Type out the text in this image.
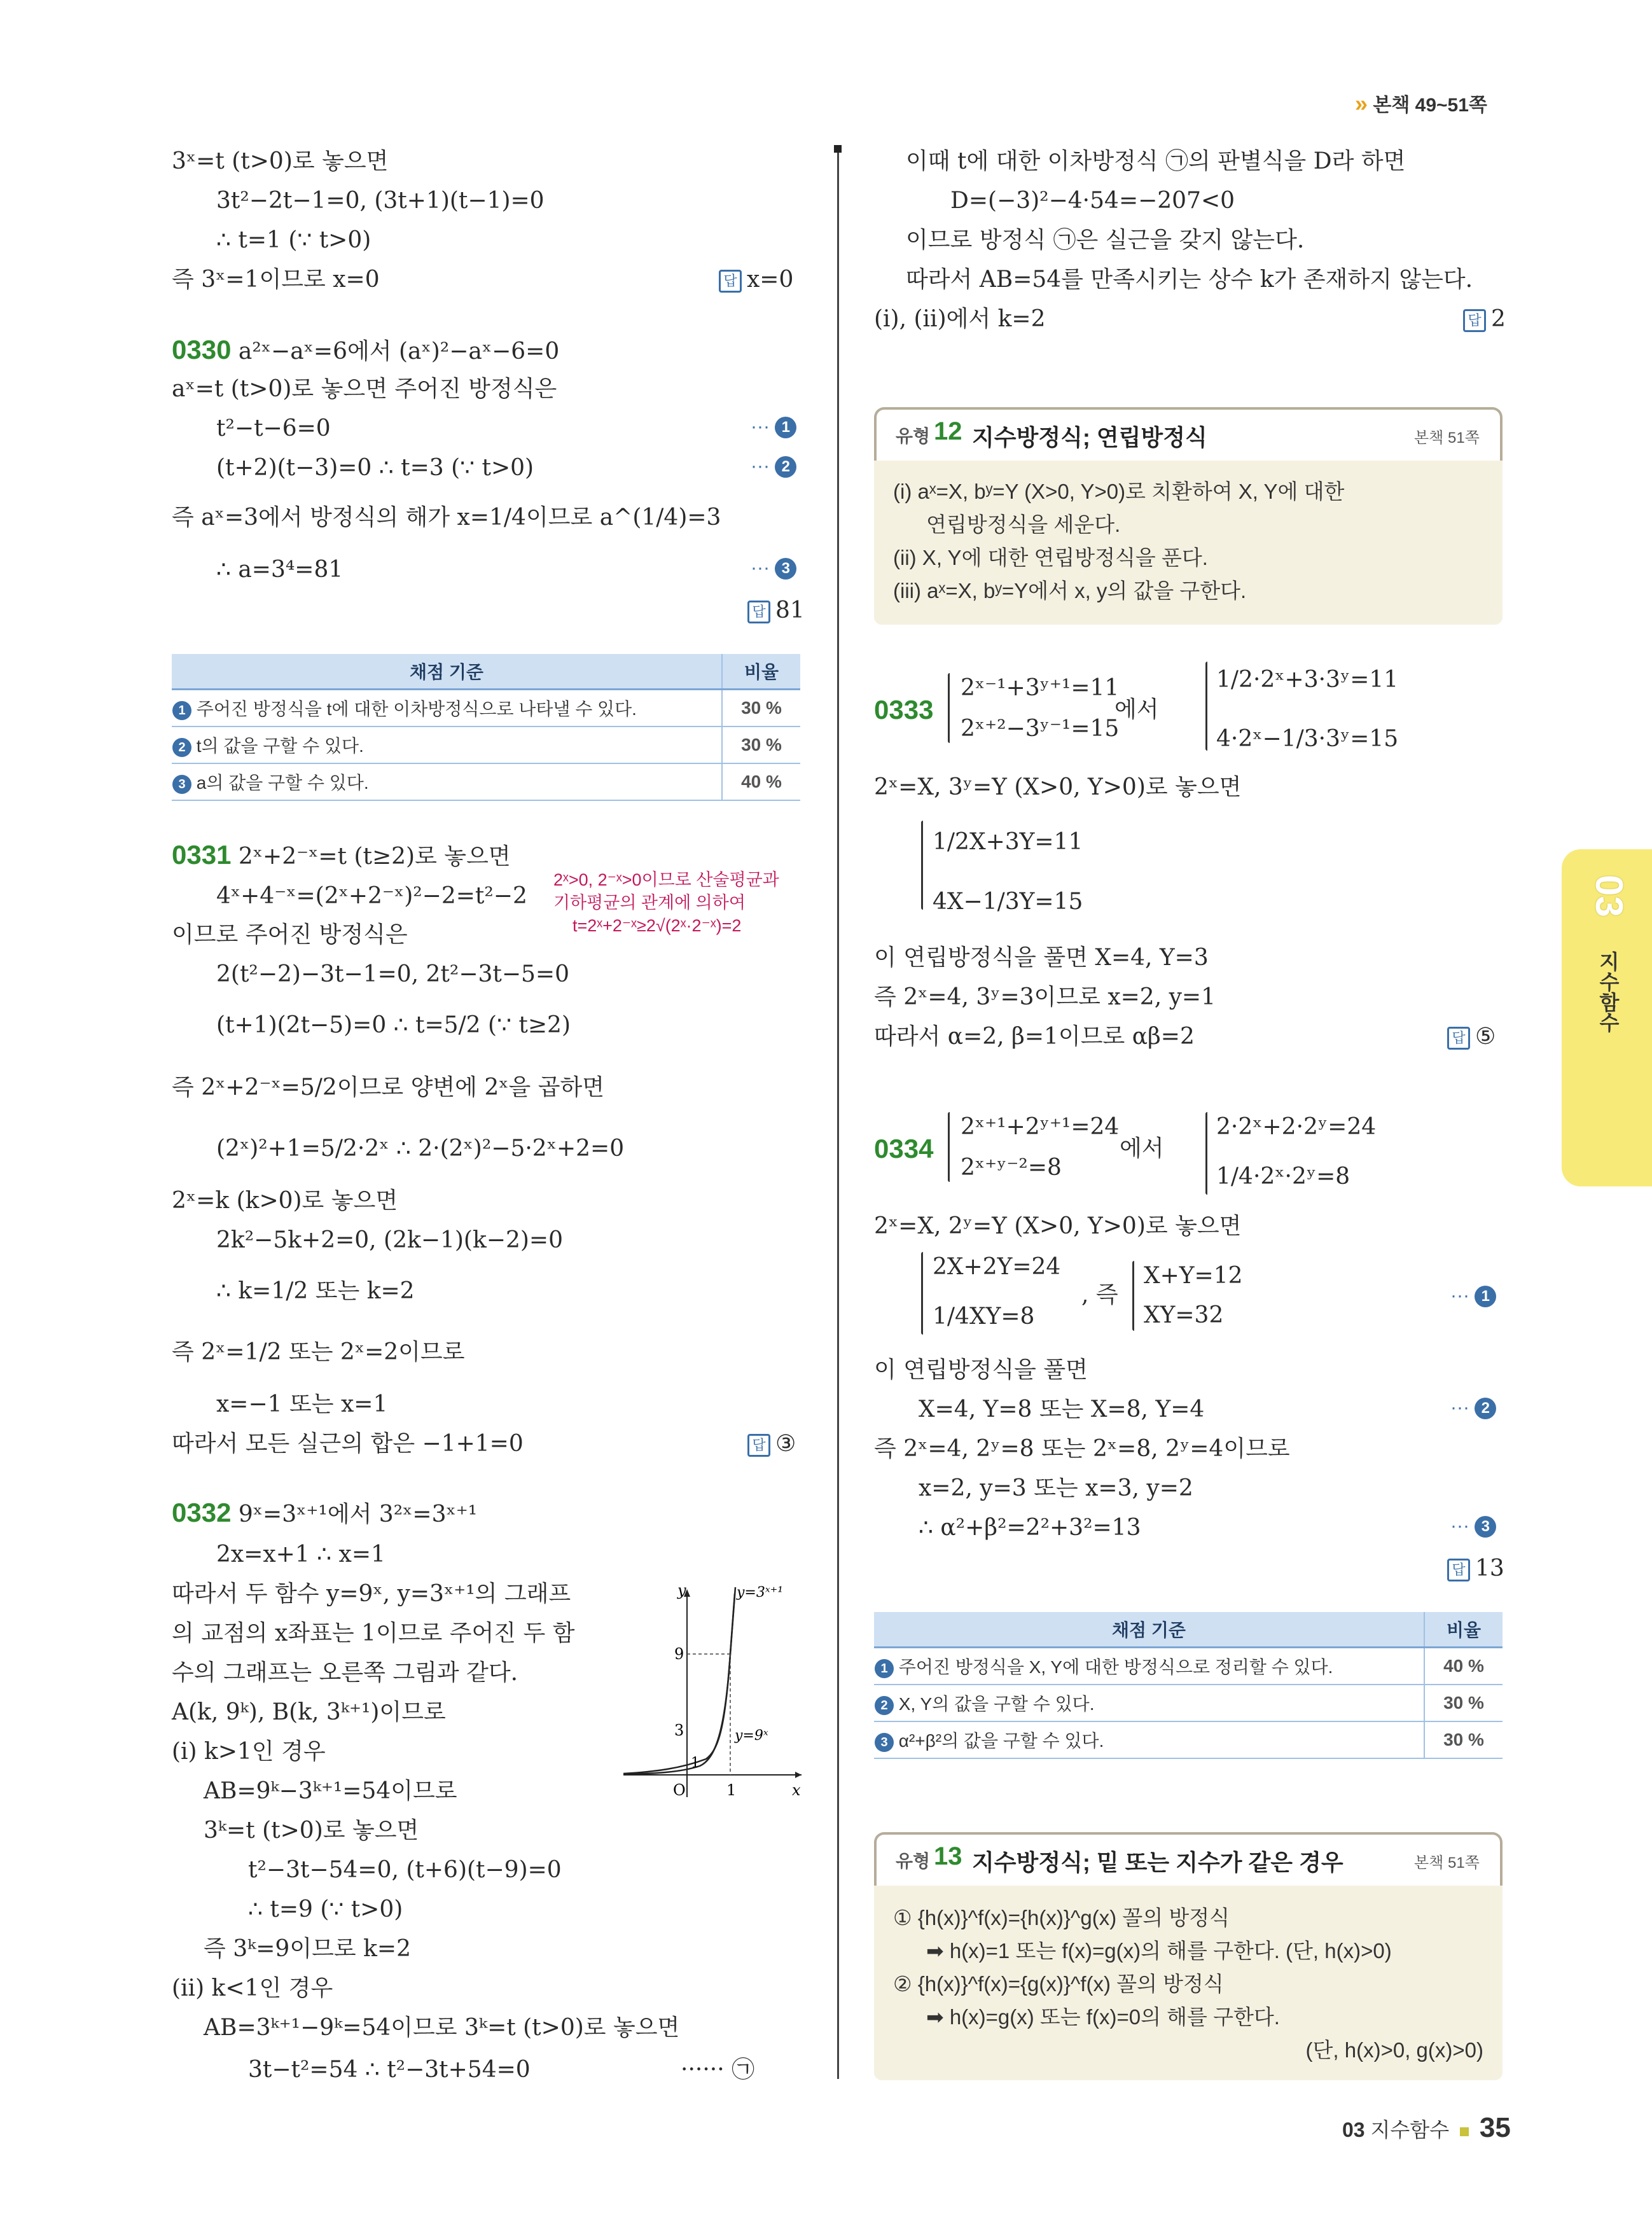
» 본책 49~51쪽
3ˣ=t (t>0)로 놓으면
3t²−2t−1=0, (3t+1)(t−1)=0
∴ t=1 (∵ t>0)
즉 3ˣ=1이므로 x=0	답 x=0
0330 a²ˣ−aˣ=6에서 (aˣ)²−aˣ−6=0
aˣ=t (t>0)로 놓으면 주어진 방정식은
t²−t−6=0	··· 1
(t+2)(t−3)=0 ∴ t=3 (∵ t>0)	··· 2
즉 aˣ=3에서 방정식의 해가 x=1/4이므로 a^(1/4)=3
∴ a=3⁴=81	··· 3
답 81
채점 기준	비율
1 주어진 방정식을 t에 대한 이차방정식으로 나타낼 수 있다.	30 %
2 t의 값을 구할 수 있다.	30 %
3 a의 값을 구할 수 있다.	40 %
0331 2ˣ+2⁻ˣ=t (t≥2)로 놓으면
4ˣ+4⁻ˣ=(2ˣ+2⁻ˣ)²−2=t²−2
2ˣ>0, 2⁻ˣ>0이므로 산술평균과
기하평균의 관계에 의하여
t=2ˣ+2⁻ˣ≥2√(2ˣ·2⁻ˣ)=2
이므로 주어진 방정식은
2(t²−2)−3t−1=0, 2t²−3t−5=0
(t+1)(2t−5)=0 ∴ t=5/2 (∵ t≥2)
즉 2ˣ+2⁻ˣ=5/2이므로 양변에 2ˣ을 곱하면
(2ˣ)²+1=5/2·2ˣ ∴ 2·(2ˣ)²−5·2ˣ+2=0
2ˣ=k (k>0)로 놓으면
2k²−5k+2=0, (2k−1)(k−2)=0
∴ k=1/2 또는 k=2
즉 2ˣ=1/2 또는 2ˣ=2이므로
x=−1 또는 x=1
따라서 모든 실근의 합은 −1+1=0	답 ③
0332 9ˣ=3ˣ⁺¹에서 3²ˣ=3ˣ⁺¹
2x=x+1 ∴ x=1
따라서 두 함수 y=9ˣ, y=3ˣ⁺¹의 그래프
의 교점의 x좌표는 1이므로 주어진 두 함
수의 그래프는 오른쪽 그림과 같다.
A(k, 9ᵏ), B(k, 3ᵏ⁺¹)이므로
(i) k>1인 경우
AB=9ᵏ−3ᵏ⁺¹=54이므로
3ᵏ=t (t>0)로 놓으면
t²−3t−54=0, (t+6)(t−9)=0
∴ t=9 (∵ t>0)
즉 3ᵏ=9이므로 k=2
(ii) k<1인 경우
AB=3ᵏ⁺¹−9ᵏ=54이므로 3ᵏ=t (t>0)로 놓으면
3t−t²=54 ∴ t²−3t+54=0	······ ㉠
y
x
O	1
9
3
1
y=3ˣ⁺¹
y=9ˣ
이때 t에 대한 이차방정식 ㉠의 판별식을 D라 하면
D=(−3)²−4·54=−207<0
이므로 방정식 ㉠은 실근을 갖지 않는다.
따라서 AB=54를 만족시키는 상수 k가 존재하지 않는다.
(i), (ii)에서 k=2	답 2
유형 12 지수방정식; 연립방정식	본책 51쪽
(i) aˣ=X, bʸ=Y (X>0, Y>0)로 치환하여 X, Y에 대한
연립방정식을 세운다.
(ii) X, Y에 대한 연립방정식을 푼다.
(iii) aˣ=X, bʸ=Y에서 x, y의 값을 구한다.
0333
2ˣ⁻¹+3ʸ⁺¹=11
2ˣ⁺²−3ʸ⁻¹=15
에서
1/2·2ˣ+3·3ʸ=11
4·2ˣ−1/3·3ʸ=15
2ˣ=X, 3ʸ=Y (X>0, Y>0)로 놓으면
1/2X+3Y=11
4X−1/3Y=15
이 연립방정식을 풀면 X=4, Y=3
즉 2ˣ=4, 3ʸ=3이므로 x=2, y=1
따라서 α=2, β=1이므로 αβ=2	답 ⑤
0334
2ˣ⁺¹+2ʸ⁺¹=24
2ˣ⁺ʸ⁻²=8
에서
2·2ˣ+2·2ʸ=24
1/4·2ˣ·2ʸ=8
2ˣ=X, 2ʸ=Y (X>0, Y>0)로 놓으면
2X+2Y=24
1/4XY=8
, 즉
X+Y=12
XY=32
··· 1
이 연립방정식을 풀면
X=4, Y=8 또는 X=8, Y=4	··· 2
즉 2ˣ=4, 2ʸ=8 또는 2ˣ=8, 2ʸ=4이므로
x=2, y=3 또는 x=3, y=2
∴ α²+β²=2²+3²=13	··· 3
답 13
채점 기준	비율
1 주어진 방정식을 X, Y에 대한 방정식으로 정리할 수 있다.	40 %
2 X, Y의 값을 구할 수 있다.	30 %
3 α²+β²의 값을 구할 수 있다.	30 %
유형 13 지수방정식; 밑 또는 지수가 같은 경우	본책 51쪽
① {h(x)}^f(x)={h(x)}^g(x) 꼴의 방정식
➡ h(x)=1 또는 f(x)=g(x)의 해를 구한다. (단, h(x)>0)
② {h(x)}^f(x)={g(x)}^f(x) 꼴의 방정식
➡ h(x)=g(x) 또는 f(x)=0의 해를 구한다.
(단, h(x)>0, g(x)>0)
03
지수함수
03 지수함수 35
